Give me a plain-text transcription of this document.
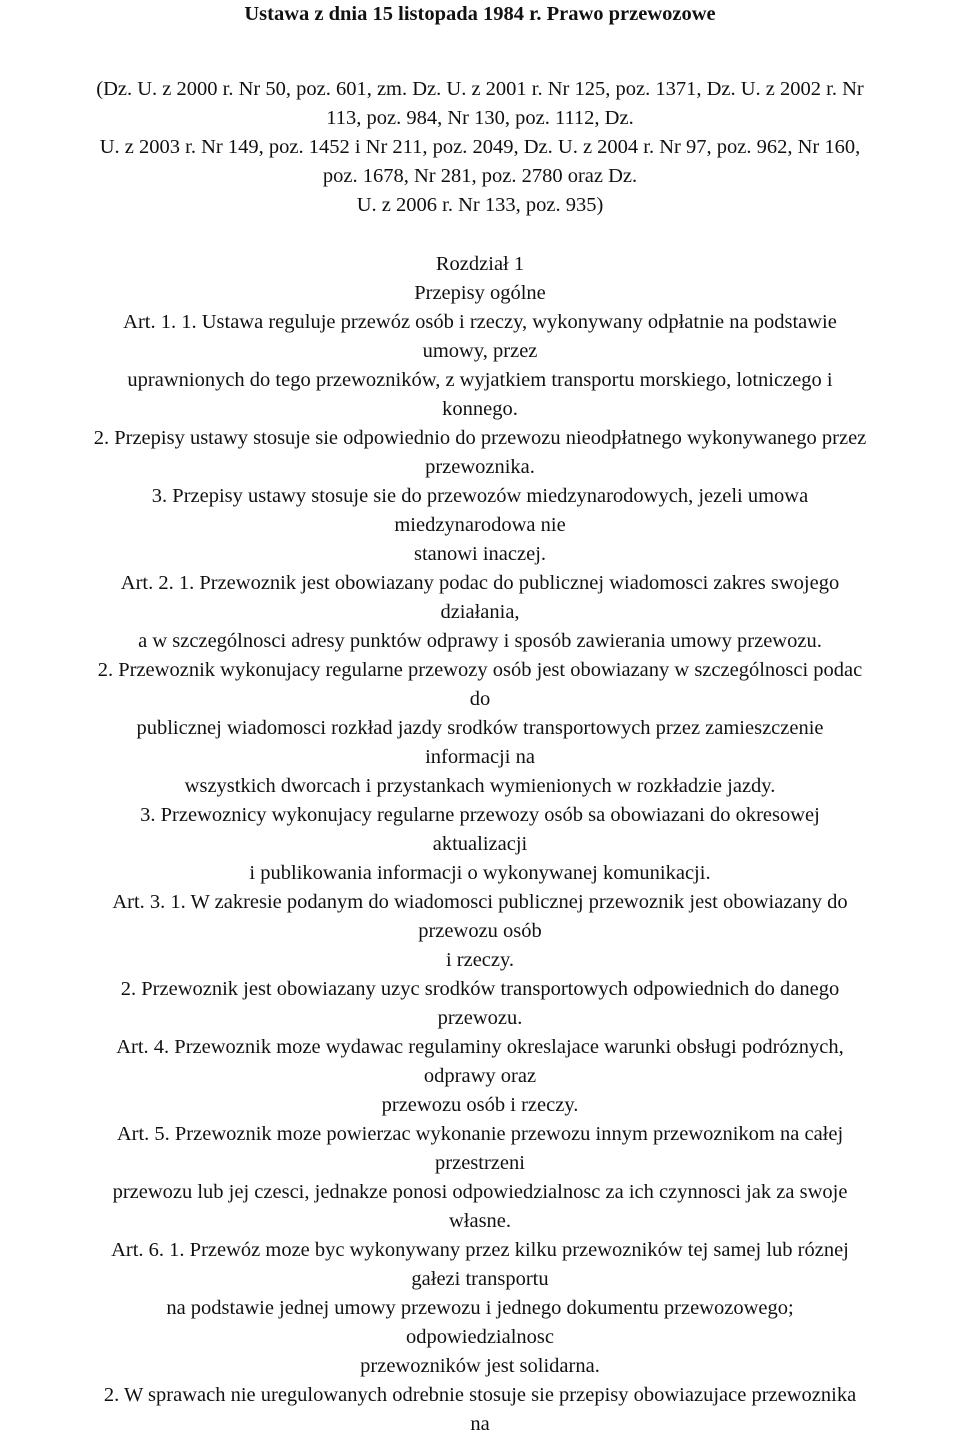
Ustawa z dnia 15 listopada 1984 r. Prawo przewozowe
(Dz. U. z 2000 r. Nr 50, poz. 601, zm. Dz. U. z 2001 r. Nr 125, poz. 1371, Dz. U. z 2002 r. Nr
113, poz. 984, Nr 130, poz. 1112, Dz.
U. z 2003 r. Nr 149, poz. 1452 i Nr 211, poz. 2049, Dz. U. z 2004 r. Nr 97, poz. 962, Nr 160,
poz. 1678, Nr 281, poz. 2780 oraz Dz.
U. z 2006 r. Nr 133, poz. 935)
Rozdział 1
Przepisy ogólne
Art. 1. 1. Ustawa reguluje przewóz osób i rzeczy, wykonywany odpłatnie na podstawie
umowy, przez
uprawnionych do tego przewozników, z wyjatkiem transportu morskiego, lotniczego i
konnego.
2. Przepisy ustawy stosuje sie odpowiednio do przewozu nieodpłatnego wykonywanego przez
przewoznika.
3. Przepisy ustawy stosuje sie do przewozów miedzynarodowych, jezeli umowa
miedzynarodowa nie
stanowi inaczej.
Art. 2. 1. Przewoznik jest obowiazany podac do publicznej wiadomosci zakres swojego
działania,
a w szczególnosci adresy punktów odprawy i sposób zawierania umowy przewozu.
2. Przewoznik wykonujacy regularne przewozy osób jest obowiazany w szczególnosci podac
do
publicznej wiadomosci rozkład jazdy srodków transportowych przez zamieszczenie
informacji na
wszystkich dworcach i przystankach wymienionych w rozkładzie jazdy.
3. Przewoznicy wykonujacy regularne przewozy osób sa obowiazani do okresowej
aktualizacji
i publikowania informacji o wykonywanej komunikacji.
Art. 3. 1. W zakresie podanym do wiadomosci publicznej przewoznik jest obowiazany do
przewozu osób
i rzeczy.
2. Przewoznik jest obowiazany uzyc srodków transportowych odpowiednich do danego
przewozu.
Art. 4. Przewoznik moze wydawac regulaminy okreslajace warunki obsługi podróznych,
odprawy oraz
przewozu osób i rzeczy.
Art. 5. Przewoznik moze powierzac wykonanie przewozu innym przewoznikom na całej
przestrzeni
przewozu lub jej czesci, jednakze ponosi odpowiedzialnosc za ich czynnosci jak za swoje
własne.
Art. 6. 1. Przewóz moze byc wykonywany przez kilku przewozników tej samej lub róznej
gałezi transportu
na podstawie jednej umowy przewozu i jednego dokumentu przewozowego;
odpowiedzialnosc
przewozników jest solidarna.
2. W sprawach nie uregulowanych odrebnie stosuje sie przepisy obowiazujace przewoznika
na
